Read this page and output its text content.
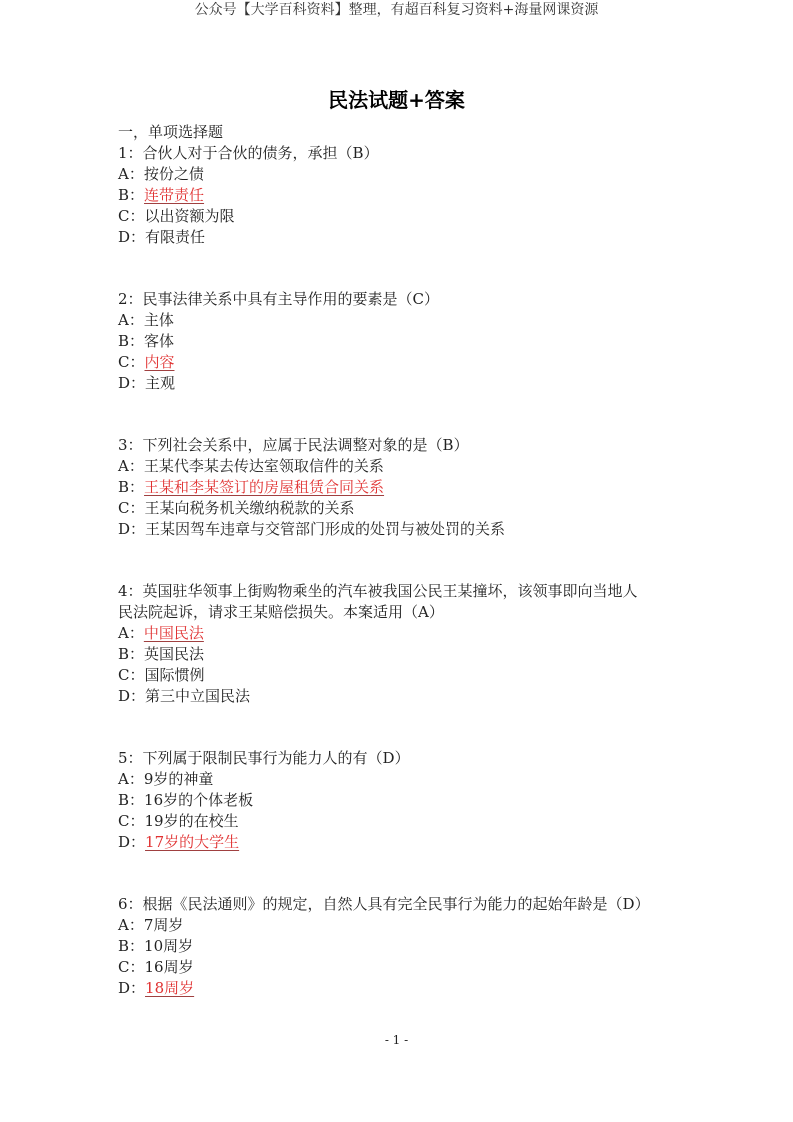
公众号【大学百科资料】整理，有超百科复习资料+海量网课资源
民法试题+答案
一，单项选择题
1：合伙人对于合伙的债务，承担（B）
A：按份之债
B：连带责任
C：以出资额为限
D：有限责任
2：民事法律关系中具有主导作用的要素是（C）
A：主体
B：客体
C：内容
D：主观
3：下列社会关系中，应属于民法调整对象的是（B）
A：王某代李某去传达室领取信件的关系
B：王某和李某签订的房屋租赁合同关系
C：王某向税务机关缴纳税款的关系
D：王某因驾车违章与交管部门形成的处罚与被处罚的关系
4：英国驻华领事上街购物乘坐的汽车被我国公民王某撞坏，该领事即向当地人
民法院起诉，请求王某赔偿损失。本案适用（A）
A：中国民法
B：英国民法
C：国际惯例
D：第三中立国民法
5：下列属于限制民事行为能力人的有（D）
A：9岁的神童
B：16岁的个体老板
C：19岁的在校生
D：17岁的大学生
6：根据《民法通则》的规定，自然人具有完全民事行为能力的起始年龄是（D）
A：7周岁
B：10周岁
C：16周岁
D：18周岁
- 1 -
